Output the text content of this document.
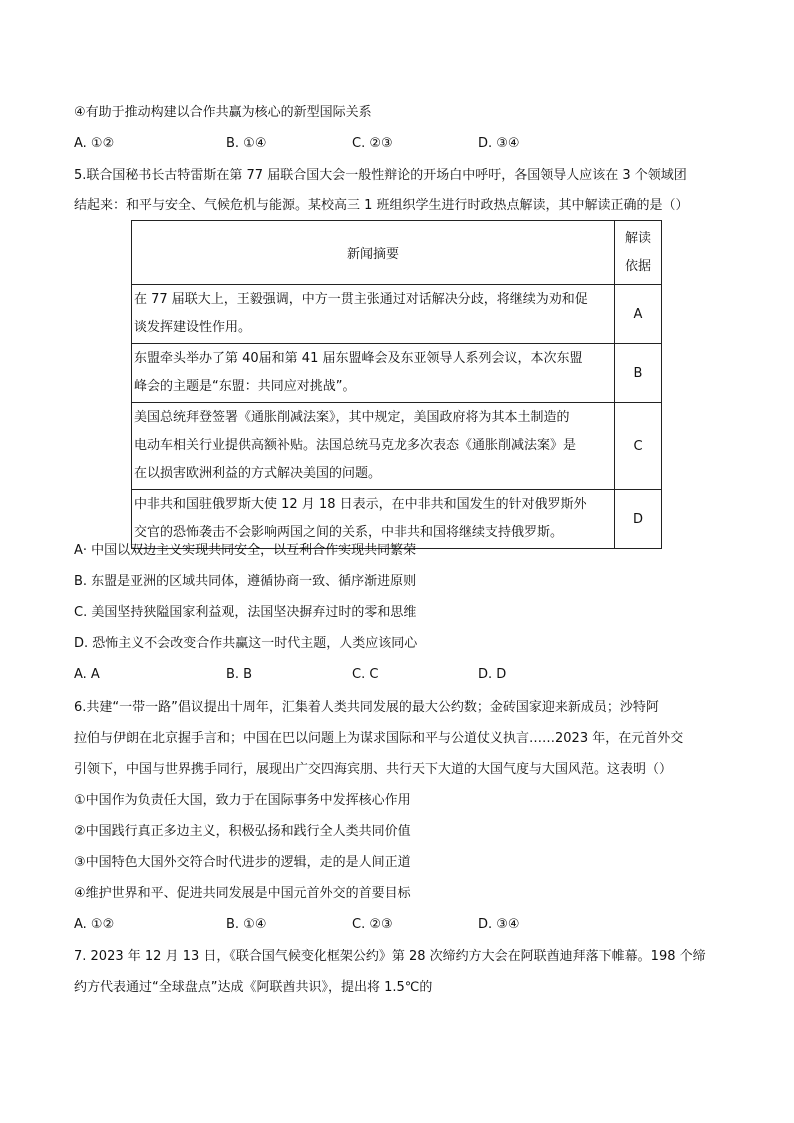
④有助于推动构建以合作共赢为核心的新型国际关系
A. ①②	B. ①④	C. ②③	D. ③④
5.联合国秘书长古特雷斯在第 77 届联合国大会一般性辩论的开场白中呼吁，各国领导人应该在 3 个领域团
结起来：和平与安全、气候危机与能源。某校高三 1 班组织学生进行时政热点解读，其中解读正确的是（）
新闻摘要	解读
依据
在 77 届联大上，王毅强调，中方一贯主张通过对话解决分歧，将继续为劝和促
谈发挥建设性作用。	A
东盟牵头举办了第 40届和第 41 届东盟峰会及东亚领导人系列会议，本次东盟
峰会的主题是“东盟：共同应对挑战”。	B
美国总统拜登签署《通胀削减法案》，其中规定，美国政府将为其本土制造的
电动车相关行业提供高额补贴。法国总统马克龙多次表态《通胀削减法案》是
在以损害欧洲利益的方式解决美国的问题。	C
中非共和国驻俄罗斯大使 12 月 18 日表示，在中非共和国发生的针对俄罗斯外
交官的恐怖袭击不会影响两国之间的关系，中非共和国将继续支持俄罗斯。	D
A· 中国以双边主义实现共同安全，以互利合作实现共同繁荣
B. 东盟是亚洲的区域共同体，遵循协商一致、循序渐进原则
C. 美国坚持狭隘国家利益观，法国坚决摒弃过时的零和思维
D. 恐怖主义不会改变合作共赢这一时代主题，人类应该同心
A. A	B. B	C. C	D. D
6.共建“一带一路”倡议提出十周年，汇集着人类共同发展的最大公约数；金砖国家迎来新成员；沙特阿
拉伯与伊朗在北京握手言和；中国在巴以问题上为谋求国际和平与公道仗义执言……2023 年，在元首外交
引领下，中国与世界携手同行，展现出广交四海宾朋、共行天下大道的大国气度与大国风范。这表明（）
①中国作为负责任大国，致力于在国际事务中发挥核心作用
②中国践行真正多边主义，积极弘扬和践行全人类共同价值
③中国特色大国外交符合时代进步的逻辑，走的是人间正道
④维护世界和平、促进共同发展是中国元首外交的首要目标
A. ①②	B. ①④	C. ②③	D. ③④
7. 2023 年 12 月 13 日，《联合国气候变化框架公约》第 28 次缔约方大会在阿联酋迪拜落下帷幕。198 个缔
约方代表通过“全球盘点”达成《阿联酋共识》，提出将 1.5℃的
